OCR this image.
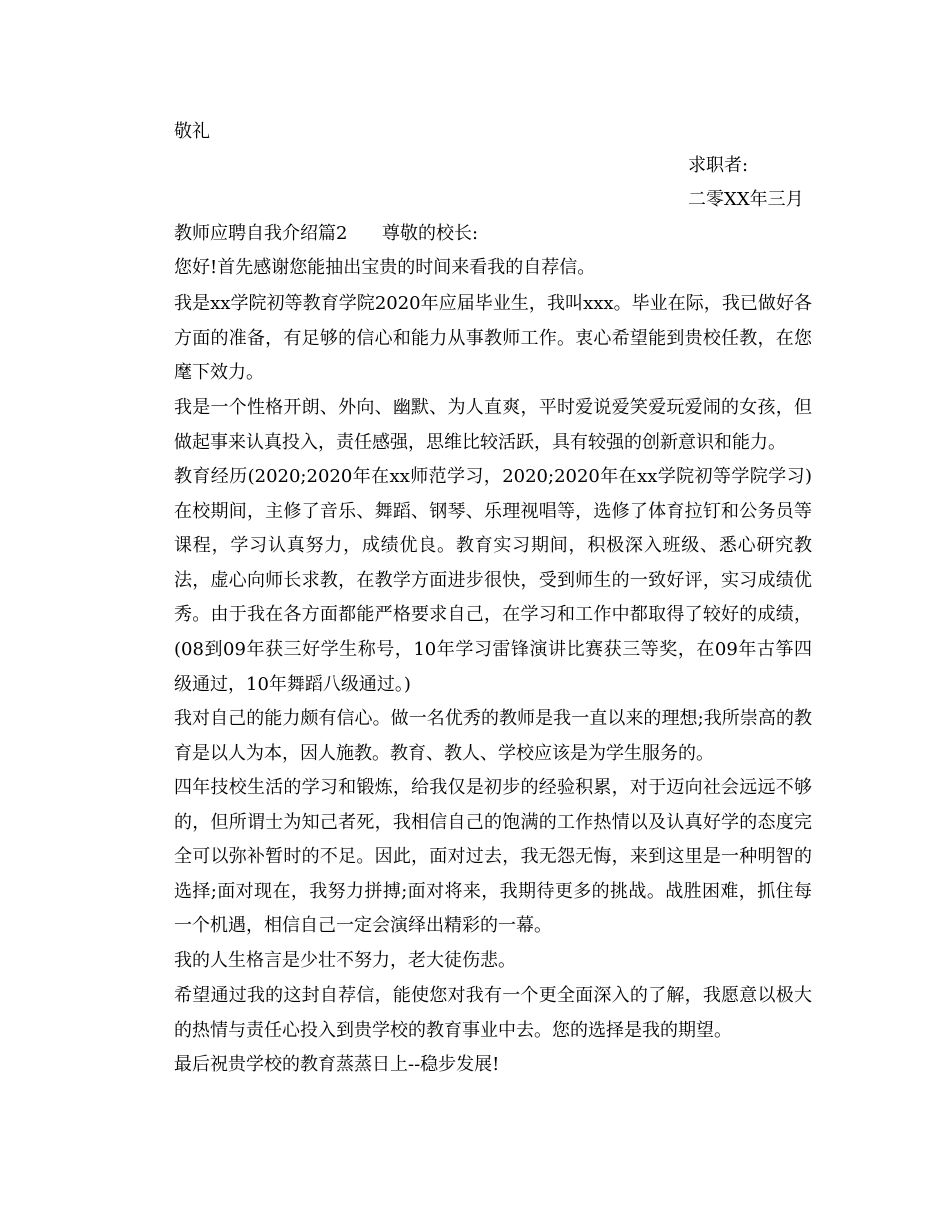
敬礼
求职者:
二零XX年三月
教师应聘自我介绍篇2 尊敬的校长:
您好!首先感谢您能抽出宝贵的时间来看我的自荐信。
我是xx学院初等教育学院2020年应届毕业生，我叫xxx。毕业在际，我已做好各方面的准备，有足够的信心和能力从事教师工作。衷心希望能到贵校任教，在您麾下效力。
我是一个性格开朗、外向、幽默、为人直爽，平时爱说爱笑爱玩爱闹的女孩，但做起事来认真投入，责任感强，思维比较活跃，具有较强的创新意识和能力。
教育经历(2020;2020年在xx师范学习，2020;2020年在xx学院初等学院学习)在校期间，主修了音乐、舞蹈、钢琴、乐理视唱等，选修了体育拉钉和公务员等课程，学习认真努力，成绩优良。教育实习期间，积极深入班级、悉心研究教法，虚心向师长求教，在教学方面进步很快，受到师生的一致好评，实习成绩优秀。由于我在各方面都能严格要求自己，在学习和工作中都取得了较好的成绩，(08到09年获三好学生称号，10年学习雷锋演讲比赛获三等奖，在09年古筝四级通过，10年舞蹈八级通过。)
我对自己的能力颇有信心。做一名优秀的教师是我一直以来的理想;我所崇高的教育是以人为本，因人施教。教育、教人、学校应该是为学生服务的。
四年技校生活的学习和锻炼，给我仅是初步的经验积累，对于迈向社会远远不够的，但所谓士为知己者死，我相信自己的饱满的工作热情以及认真好学的态度完全可以弥补暂时的不足。因此，面对过去，我无怨无悔，来到这里是一种明智的选择;面对现在，我努力拼搏;面对将来，我期待更多的挑战。战胜困难，抓住每一个机遇，相信自己一定会演绎出精彩的一幕。
我的人生格言是少壮不努力，老大徒伤悲。
希望通过我的这封自荐信，能使您对我有一个更全面深入的了解，我愿意以极大的热情与责任心投入到贵学校的教育事业中去。您的选择是我的期望。
最后祝贵学校的教育蒸蒸日上--稳步发展!
